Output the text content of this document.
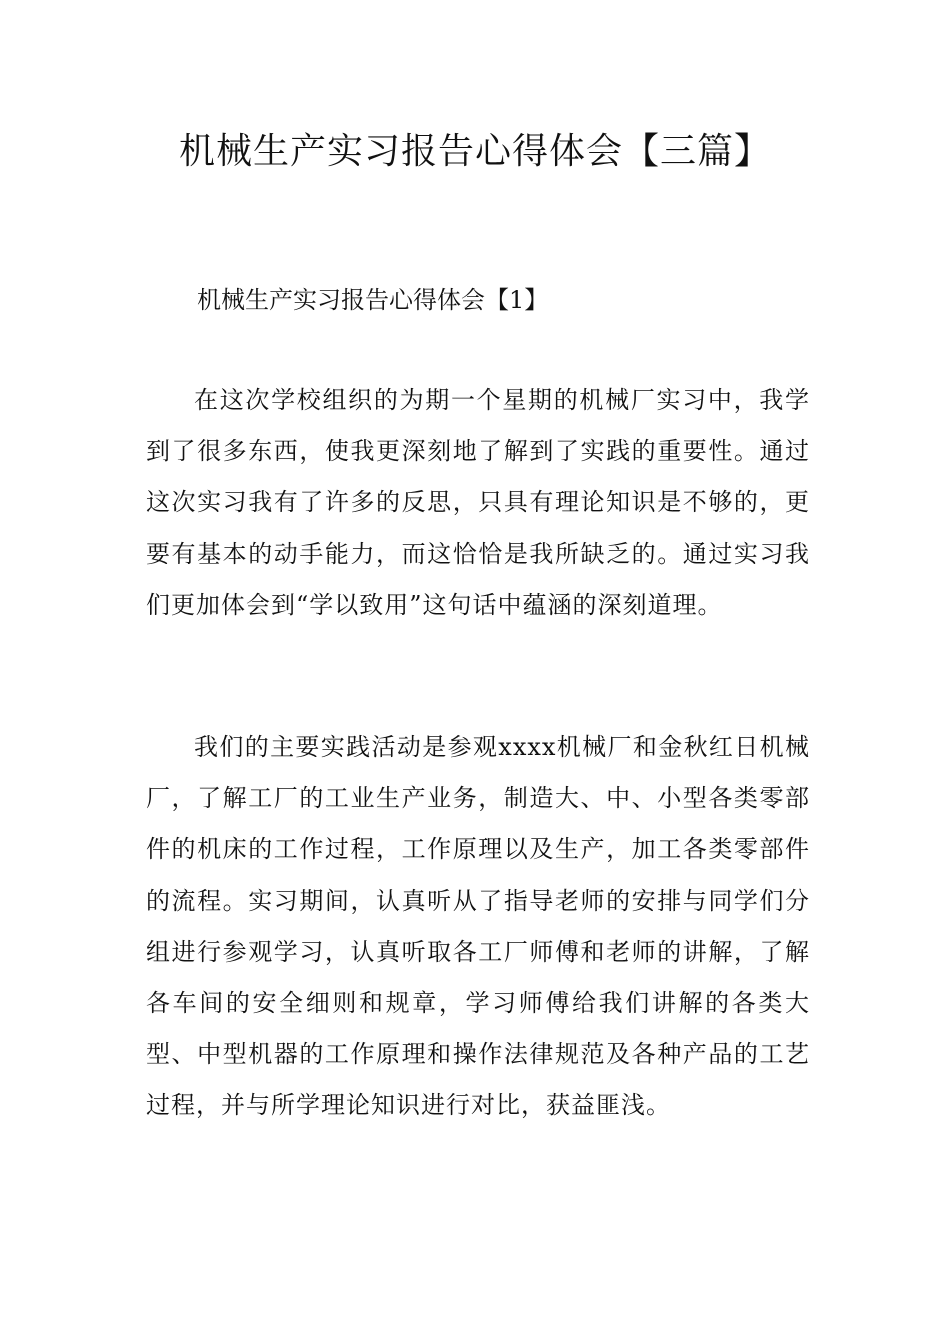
机械生产实习报告心得体会【三篇】

机械生产实习报告心得体会【1】

在这次学校组织的为期一个星期的机械厂实习中，我学到了很多东西，使我更深刻地了解到了实践的重要性。通过这次实习我有了许多的反思，只具有理论知识是不够的，更要有基本的动手能力，而这恰恰是我所缺乏的。通过实习我们更加体会到“学以致用”这句话中蕴涵的深刻道理。

我们的主要实践活动是参观xxxx机械厂和金秋红日机械厂，了解工厂的工业生产业务，制造大、中、小型各类零部件的机床的工作过程，工作原理以及生产，加工各类零部件的流程。实习期间，认真听从了指导老师的安排与同学们分组进行参观学习，认真听取各工厂师傅和老师的讲解，了解各车间的安全细则和规章，学习师傅给我们讲解的各类大型、中型机器的工作原理和操作法律规范及各种产品的工艺过程，并与所学理论知识进行对比，获益匪浅。
